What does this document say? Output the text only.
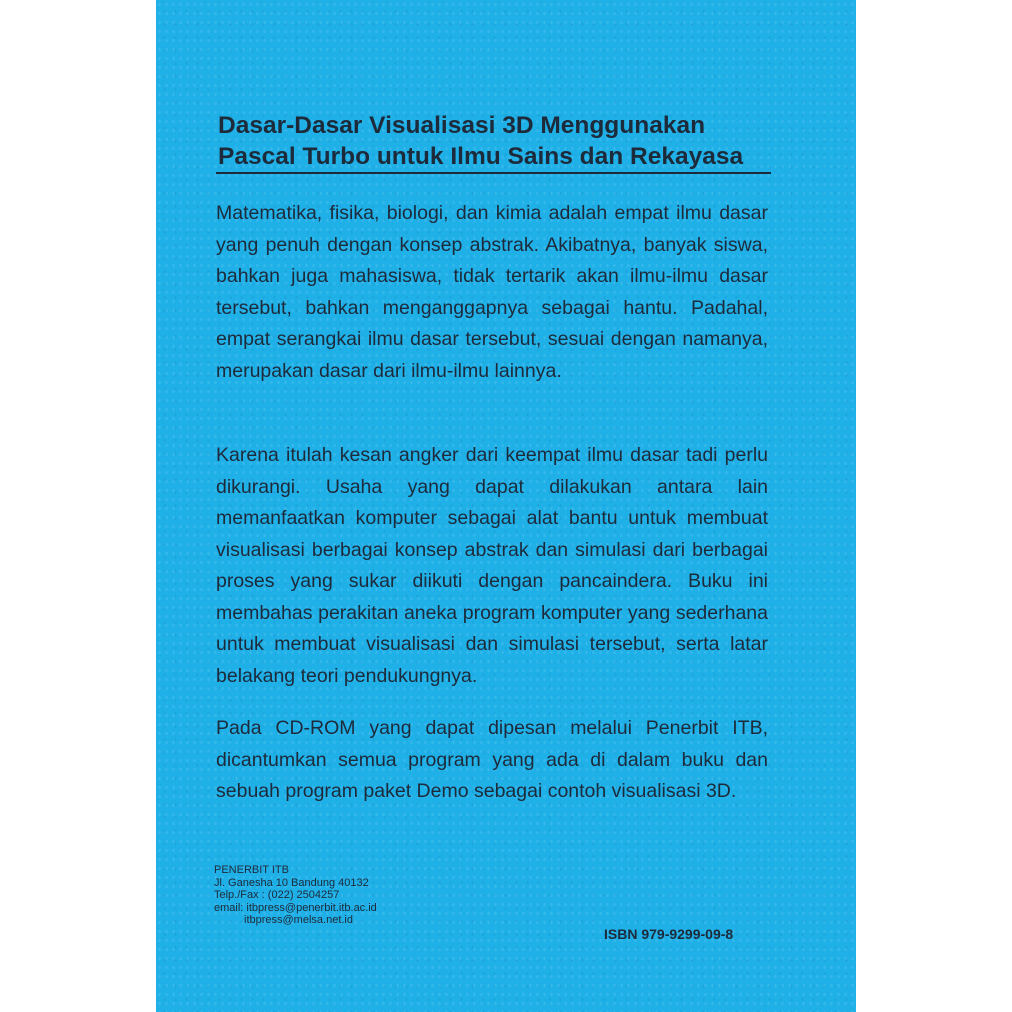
Dasar-Dasar Visualisasi 3D Menggunakan
Pascal Turbo untuk Ilmu Sains dan Rekayasa

Matematika, fisika, biologi, dan kimia adalah empat ilmu dasar yang penuh dengan konsep abstrak. Akibatnya, banyak siswa, bahkan juga mahasiswa, tidak tertarik akan ilmu-ilmu dasar tersebut, bahkan menganggapnya sebagai hantu. Padahal, empat serangkai ilmu dasar tersebut, sesuai dengan namanya, merupakan dasar dari ilmu-ilmu lainnya.

Karena itulah kesan angker dari keempat ilmu dasar tadi perlu dikurangi. Usaha yang dapat dilakukan antara lain memanfaatkan komputer sebagai alat bantu untuk membuat visualisasi berbagai konsep abstrak dan simulasi dari berbagai proses yang sukar diikuti dengan pancaindera. Buku ini membahas perakitan aneka program komputer yang sederhana untuk membuat visualisasi dan simulasi tersebut, serta latar belakang teori pendukungnya.

Pada CD-ROM yang dapat dipesan melalui Penerbit ITB, dicantumkan semua program yang ada di dalam buku dan sebuah program paket Demo sebagai contoh visualisasi 3D.

PENERBIT ITB
Jl. Ganesha 10 Bandung 40132
Telp./Fax : (022) 2504257
email: itbpress@penerbit.itb.ac.id
itbpress@melsa.net.id
ISBN 979-9299-09-8
